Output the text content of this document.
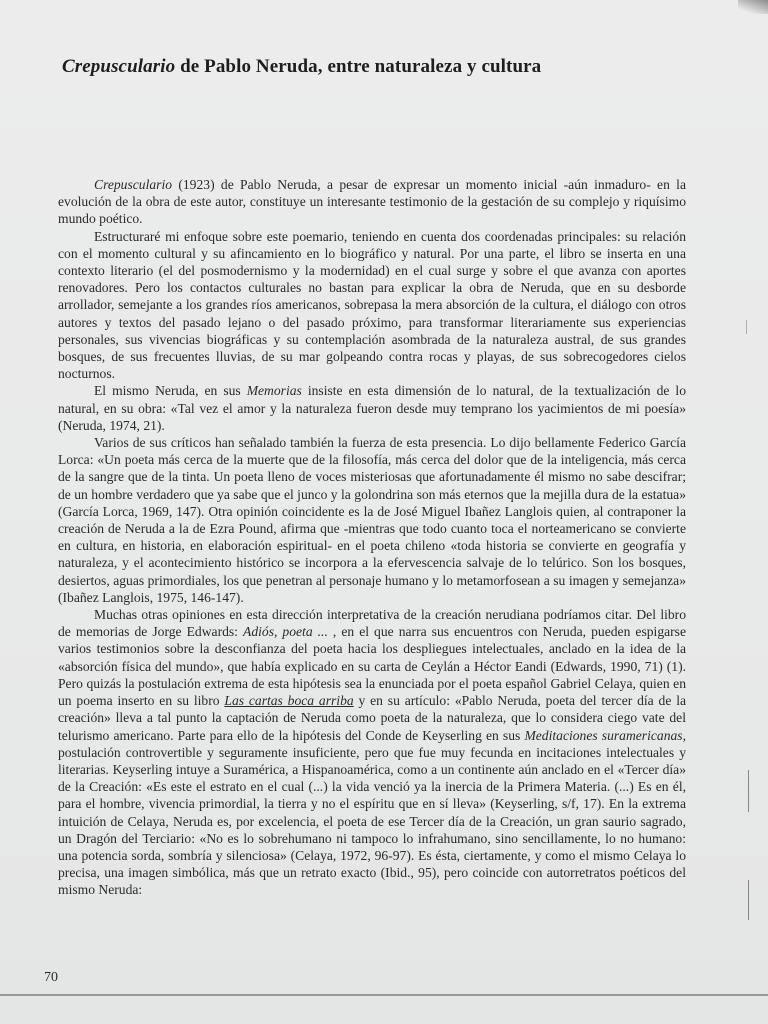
Crepusculario de Pablo Neruda, entre naturaleza y cultura

Crepusculario (1923) de Pablo Neruda, a pesar de expresar un momento inicial -aún inmaduro- en la evolución de la obra de este autor, constituye un interesante testimonio de la gestación de su complejo y riquísimo mundo poético.

Estructuraré mi enfoque sobre este poemario, teniendo en cuenta dos coordenadas principales: su relación con el momento cultural y su afincamiento en lo biográfico y natural. Por una parte, el libro se inserta en una contexto literario (el del posmodernismo y la modernidad) en el cual surge y sobre el que avanza con aportes renovadores. Pero los contactos culturales no bastan para explicar la obra de Neruda, que en su desborde arrollador, semejante a los grandes ríos americanos, sobrepasa la mera absorción de la cultura, el diálogo con otros autores y textos del pasado lejano o del pasado próximo, para transformar literariamente sus experiencias personales, sus vivencias biográficas y su contemplación asombrada de la naturaleza austral, de sus grandes bosques, de sus frecuentes lluvias, de su mar golpeando contra rocas y playas, de sus sobrecogedores cielos nocturnos.

El mismo Neruda, en sus Memorias insiste en esta dimensión de lo natural, de la textualización de lo natural, en su obra: «Tal vez el amor y la naturaleza fueron desde muy temprano los yacimientos de mi poesía» (Neruda, 1974, 21).

Varios de sus críticos han señalado también la fuerza de esta presencia. Lo dijo bellamente Federico García Lorca: «Un poeta más cerca de la muerte que de la filosofía, más cerca del dolor que de la inteligencia, más cerca de la sangre que de la tinta. Un poeta lleno de voces misteriosas que afortunadamente él mismo no sabe descifrar; de un hombre verdadero que ya sabe que el junco y la golondrina son más eternos que la mejilla dura de la estatua» (García Lorca, 1969, 147). Otra opinión coincidente es la de José Miguel Ibañez Langlois quien, al contraponer la creación de Neruda a la de Ezra Pound, afirma que -mientras que todo cuanto toca el norteamericano se convierte en cultura, en historia, en elaboración espiritual- en el poeta chileno «toda historia se convierte en geografía y naturaleza, y el acontecimiento histórico se incorpora a la efervescencia salvaje de lo telúrico. Son los bosques, desiertos, aguas primordiales, los que penetran al personaje humano y lo metamorfosean a su imagen y semejanza» (Ibañez Langlois, 1975, 146-147).

Muchas otras opiniones en esta dirección interpretativa de la creación nerudiana podríamos citar. Del libro de memorias de Jorge Edwards: Adiós, poeta ... , en el que narra sus encuentros con Neruda, pueden espigarse varios testimonios sobre la desconfianza del poeta hacia los despliegues intelectuales, anclado en la idea de la «absorción física del mundo», que había explicado en su carta de Ceylán a Héctor Eandi (Edwards, 1990, 71) (1). Pero quizás la postulación extrema de esta hipótesis sea la enunciada por el poeta español Gabriel Celaya, quien en un poema inserto en su libro Las cartas boca arriba y en su artículo: «Pablo Neruda, poeta del tercer día de la creación» lleva a tal punto la captación de Neruda como poeta de la naturaleza, que lo considera ciego vate del telurismo americano. Parte para ello de la hipótesis del Conde de Keyserling en sus Meditaciones suramericanas, postulación controvertible y seguramente insuficiente, pero que fue muy fecunda en incitaciones intelectuales y literarias. Keyserling intuye a Suramérica, a Hispanoamérica, como a un continente aún anclado en el «Tercer día» de la Creación: «Es este el estrato en el cual (...) la vida venció ya la inercia de la Primera Materia. (...) Es en él, para el hombre, vivencia primordial, la tierra y no el espíritu que en sí lleva» (Keyserling, s/f, 17). En la extrema intuición de Celaya, Neruda es, por excelencia, el poeta de ese Tercer día de la Creación, un gran saurio sagrado, un Dragón del Terciario: «No es lo sobrehumano ni tampoco lo infrahumano, sino sencillamente, lo no humano: una potencia sorda, sombría y silenciosa» (Celaya, 1972, 96-97). Es ésta, ciertamente, y como el mismo Celaya lo precisa, una imagen simbólica, más que un retrato exacto (Ibid., 95), pero coincide con autorretratos poéticos del mismo Neruda:

70
